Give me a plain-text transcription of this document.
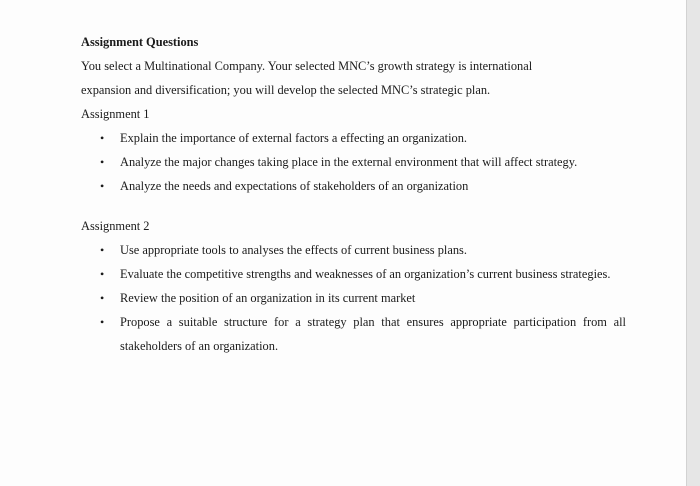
Assignment Questions
You select a Multinational Company. Your selected MNC’s growth strategy is international
expansion and diversification; you will develop the selected MNC’s strategic plan.
Assignment 1
• Explain the importance of external factors a effecting an organization.
• Analyze the major changes taking place in the external environment that will affect strategy.
• Analyze the needs and expectations of stakeholders of an organization
Assignment 2
• Use appropriate tools to analyses the effects of current business plans.
• Evaluate the competitive strengths and weaknesses of an organization’s current business strategies.
• Review the position of an organization in its current market
• Propose a suitable structure for a strategy plan that ensures appropriate participation from all stakeholders of an organization.
